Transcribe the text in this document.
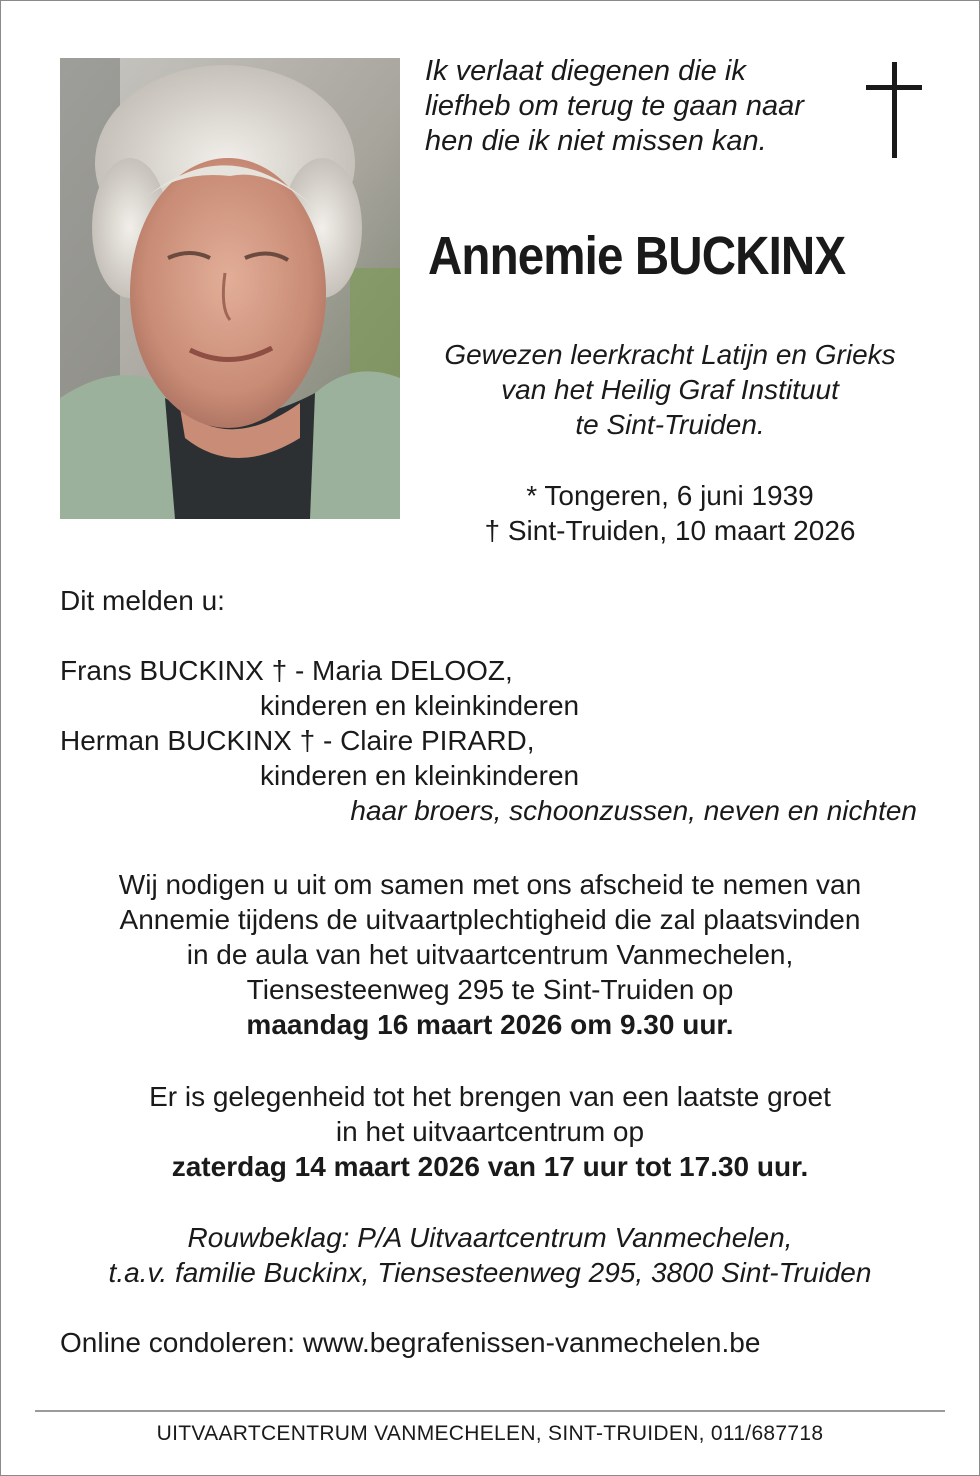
Ik verlaat diegenen die ik
liefheb om terug te gaan naar
hen die ik niet missen kan.
Annemie BUCKINX
Gewezen leerkracht Latijn en Grieks
van het Heilig Graf Instituut
te Sint-Truiden.
* Tongeren, 6 juni 1939
† Sint-Truiden, 10 maart 2026
Dit melden u:
Frans BUCKINX † - Maria DELOOZ,
kinderen en kleinkinderen
Herman BUCKINX † - Claire PIRARD,
kinderen en kleinkinderen
haar broers, schoonzussen, neven en nichten
Wij nodigen u uit om samen met ons afscheid te nemen van
Annemie tijdens de uitvaartplechtigheid die zal plaatsvinden
in de aula van het uitvaartcentrum Vanmechelen,
Tiensesteenweg 295 te Sint-Truiden op
maandag 16 maart 2026 om 9.30 uur.
Er is gelegenheid tot het brengen van een laatste groet
in het uitvaartcentrum op
zaterdag 14 maart 2026 van 17 uur tot 17.30 uur.
Rouwbeklag: P/A Uitvaartcentrum Vanmechelen,
t.a.v. familie Buckinx, Tiensesteenweg 295, 3800 Sint-Truiden
Online condoleren: www.begrafenissen-vanmechelen.be
UITVAARTCENTRUM VANMECHELEN, SINT-TRUIDEN, 011/687718
